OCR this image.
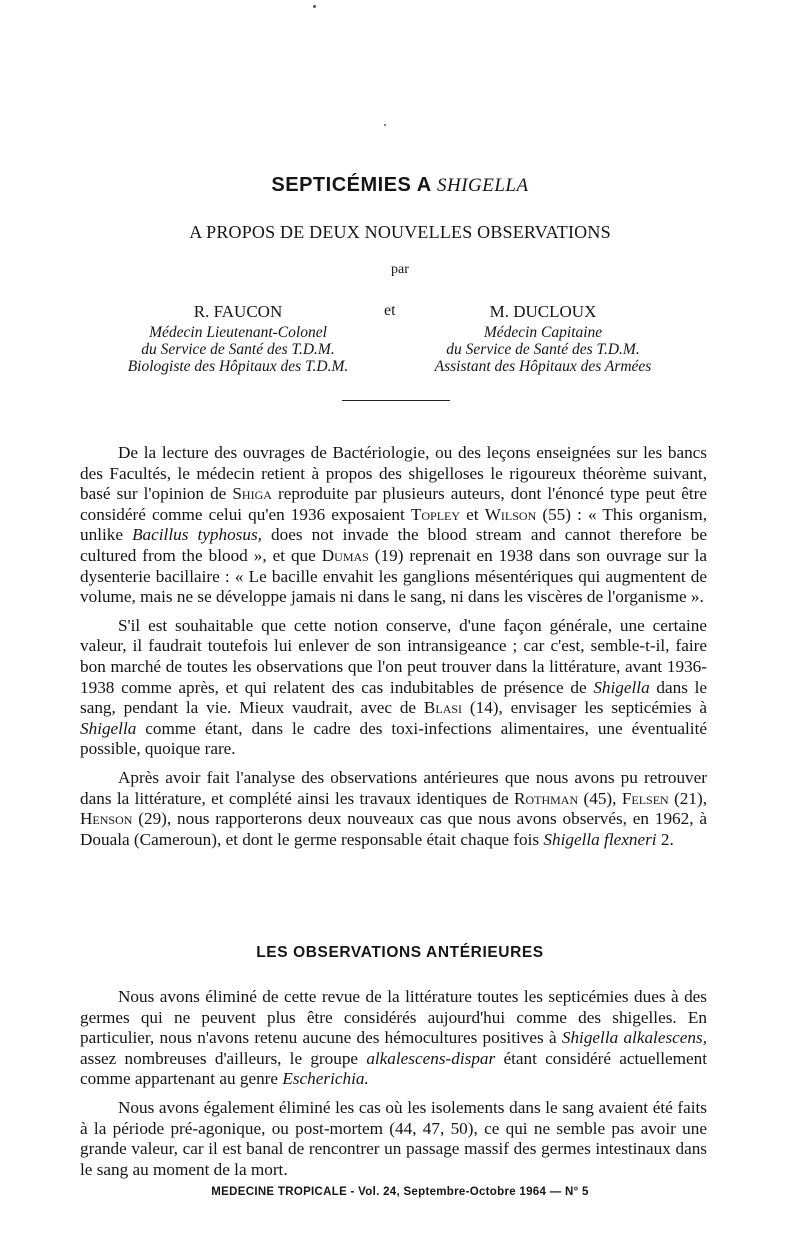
SEPTICÉMIES A SHIGELLA
A PROPOS DE DEUX NOUVELLES OBSERVATIONS
par
R. FAUCON
Médecin Lieutenant-Colonel
du Service de Santé des T.D.M.
Biologiste des Hôpitaux des T.D.M.
et	M. DUCLOUX
Médecin Capitaine
du Service de Santé des T.D.M.
Assistant des Hôpitaux des Armées

De la lecture des ouvrages de Bactériologie, ou des leçons enseignées sur les bancs des Facultés, le médecin retient à propos des shigelloses le rigoureux théorème suivant, basé sur l'opinion de Shiga reproduite par plusieurs auteurs, dont l'énoncé type peut être considéré comme celui qu'en 1936 exposaient Topley et Wilson (55) : « This organism, unlike Bacillus typhosus, does not invade the blood stream and cannot therefore be cultured from the blood », et que Dumas (19) reprenait en 1938 dans son ouvrage sur la dysenterie bacillaire : « Le bacille envahit les ganglions mésentériques qui augmentent de volume, mais ne se développe jamais ni dans le sang, ni dans les viscères de l'organisme ».

S'il est souhaitable que cette notion conserve, d'une façon générale, une certaine valeur, il faudrait toutefois lui enlever de son intransigeance ; car c'est, semble-t-il, faire bon marché de toutes les observations que l'on peut trouver dans la littérature, avant 1936-1938 comme après, et qui relatent des cas indubitables de présence de Shigella dans le sang, pendant la vie. Mieux vaudrait, avec de Blasi (14), envisager les septicémies à Shigella comme étant, dans le cadre des toxi-infections alimentaires, une éventualité possible, quoique rare.

Après avoir fait l'analyse des observations antérieures que nous avons pu retrouver dans la littérature, et complété ainsi les travaux identiques de Rothman (45), Felsen (21), Henson (29), nous rapporterons deux nouveaux cas que nous avons observés, en 1962, à Douala (Cameroun), et dont le germe responsable était chaque fois Shigella flexneri 2.

LES OBSERVATIONS ANTÉRIEURES

Nous avons éliminé de cette revue de la littérature toutes les septicémies dues à des germes qui ne peuvent plus être considérés aujourd'hui comme des shigelles. En particulier, nous n'avons retenu aucune des hémocultures positives à Shigella alkalescens, assez nombreuses d'ailleurs, le groupe alkalescens-dispar étant considéré actuellement comme appartenant au genre Escherichia.

Nous avons également éliminé les cas où les isolements dans le sang avaient été faits à la période pré-agonique, ou post-mortem (44, 47, 50), ce qui ne semble pas avoir une grande valeur, car il est banal de rencontrer un passage massif des germes intestinaux dans le sang au moment de la mort.

MEDECINE TROPICALE - Vol. 24, Septembre-Octobre 1964 — N° 5
